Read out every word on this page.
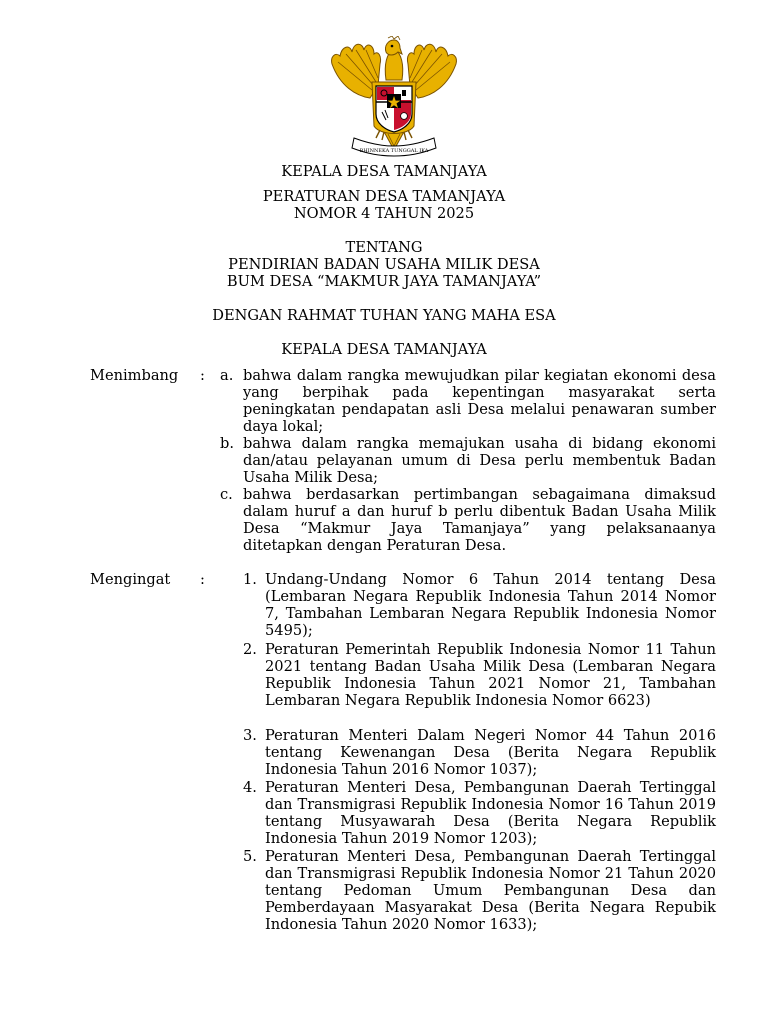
BHINNEKA TUNGGAL IKA
KEPALA DESA TAMANJAYA
PERATURAN DESA TAMANJAYA
NOMOR 4 TAHUN 2025
TENTANG
PENDIRIAN BADAN USAHA MILIK DESA
BUM DESA “MAKMUR JAYA TAMANJAYA”
DENGAN RAHMAT TUHAN YANG MAHA ESA
KEPALA DESA TAMANJAYA
Menimbang : a. bahwa dalam rangka mewujudkan pilar kegiatan ekonomi desa yang berpihak pada kepentingan masyarakat serta peningkatan pendapatan asli Desa melalui penawaran sumber daya lokal;
b. bahwa dalam rangka memajukan usaha di bidang ekonomi dan/atau pelayanan umum di Desa perlu membentuk Badan Usaha Milik Desa;
c. bahwa berdasarkan pertimbangan sebagaimana dimaksud dalam huruf a dan huruf b perlu dibentuk Badan Usaha Milik Desa “Makmur Jaya Tamanjaya” yang pelaksanaanya ditetapkan dengan Peraturan Desa.
Mengingat :	1. Undang-Undang Nomor 6 Tahun 2014 tentang Desa (Lembaran Negara Republik Indonesia Tahun 2014 Nomor 7, Tambahan Lembaran Negara Republik Indonesia Nomor 5495);
2. Peraturan Pemerintah Republik Indonesia Nomor 11 Tahun 2021 tentang Badan Usaha Milik Desa (Lembaran Negara Republik Indonesia Tahun 2021 Nomor 21, Tambahan Lembaran Negara Republik Indonesia Nomor 6623)
3. Peraturan Menteri Dalam Negeri Nomor 44 Tahun 2016 tentang Kewenangan Desa (Berita Negara Republik Indonesia Tahun 2016 Nomor 1037);
4. Peraturan Menteri Desa, Pembangunan Daerah Tertinggal dan Transmigrasi Republik Indonesia Nomor 16 Tahun 2019 tentang Musyawarah Desa (Berita Negara Republik Indonesia Tahun 2019 Nomor 1203);
5. Peraturan Menteri Desa, Pembangunan Daerah Tertinggal dan Transmigrasi Republik Indonesia Nomor 21 Tahun 2020 tentang Pedoman Umum Pembangunan Desa dan Pemberdayaan Masyarakat Desa (Berita Negara Repubik Indonesia Tahun 2020 Nomor 1633);
